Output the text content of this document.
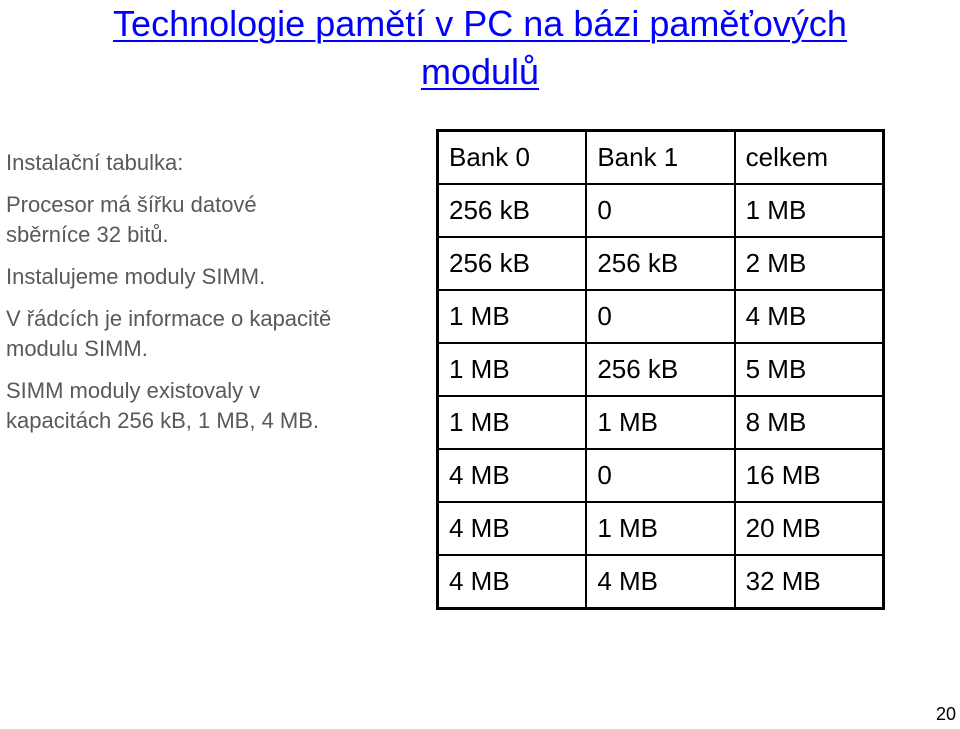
Technologie pamětí v PC na bázi paměťových
modulů

Instalační tabulka:

Procesor má šířku datové sběrníce 32 bitů.

Instalujeme moduly SIMM.

V řádcích je informace o kapacitě modulu SIMM.

SIMM moduly existovaly v kapacitách 256 kB, 1 MB, 4 MB.

Bank 0	Bank 1	celkem
256 kB	0	1 MB
256 kB	256 kB	2 MB
1 MB	0	4 MB
1 MB	256 kB	5 MB
1 MB	1 MB	8 MB
4 MB	0	16 MB
4 MB	1 MB	20 MB
4 MB	4 MB	32 MB
20
